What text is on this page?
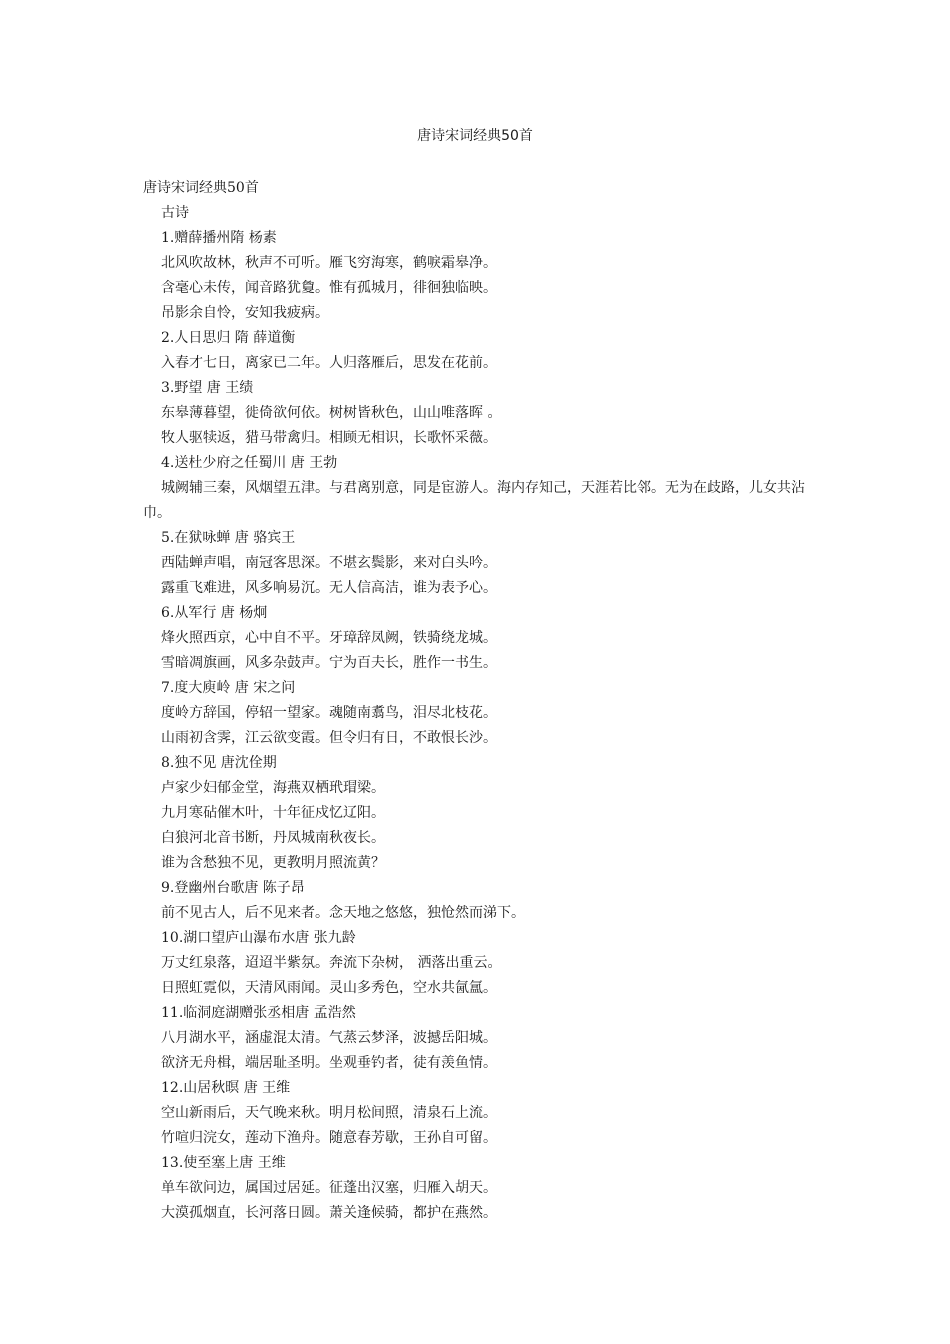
唐诗宋词经典50首
唐诗宋词经典50首
古诗
1.赠薛播州隋 杨素
北风吹故林，秋声不可听。雁飞穷海寒，鹤唳霜皋净。
含毫心未传，闻音路犹敻。惟有孤城月，徘徊独临映。
吊影余自怜，安知我疲病。
2.人日思归 隋 薛道衡
入春才七日，离家已二年。人归落雁后，思发在花前。
3.野望 唐 王绩
东皋薄暮望，徙倚欲何依。树树皆秋色，山山唯落晖 。
牧人驱犊返，猎马带禽归。相顾无相识，长歌怀采薇。
4.送杜少府之任蜀川 唐 王勃
城阙辅三秦，风烟望五津。与君离别意，同是宦游人。海内存知己，天涯若比邻。无为在歧路，儿女共沾巾。
5.在狱咏蝉 唐 骆宾王
西陆蝉声唱，南冠客思深。不堪玄鬓影，来对白头吟。
露重飞难进，风多响易沉。无人信高洁，谁为表予心。
6.从军行 唐 杨炯
烽火照西京，心中自不平。牙璋辞凤阙，铁骑绕龙城。
雪暗凋旗画，风多杂鼓声。宁为百夫长，胜作一书生。
7.度大庾岭 唐 宋之问
度岭方辞国，停轺一望家。魂随南翥鸟，泪尽北枝花。
山雨初含霁，江云欲变霞。但令归有日，不敢恨长沙。
8.独不见 唐沈佺期
卢家少妇郁金堂，海燕双栖玳瑁梁。
九月寒砧催木叶，十年征戍忆辽阳。
白狼河北音书断，丹凤城南秋夜长。
谁为含愁独不见，更教明月照流黄？
9.登幽州台歌唐 陈子昂
前不见古人，后不见来者。念天地之悠悠，独怆然而涕下。
10.湖口望庐山瀑布水唐 张九龄
万丈红泉落，迢迢半紫氛。奔流下杂树， 洒落出重云。
日照虹霓似，天清风雨闻。灵山多秀色，空水共氤氲。
11.临洞庭湖赠张丞相唐 孟浩然
八月湖水平，涵虚混太清。气蒸云梦泽，波撼岳阳城。
欲济无舟楫，端居耻圣明。坐观垂钓者，徒有羡鱼情。
12.山居秋暝 唐 王维
空山新雨后，天气晚来秋。明月松间照，清泉石上流。
竹喧归浣女，莲动下渔舟。随意春芳歇，王孙自可留。
13.使至塞上唐 王维
单车欲问边，属国过居延。征蓬出汉塞，归雁入胡天。
大漠孤烟直，长河落日圆。萧关逢候骑，都护在燕然。
